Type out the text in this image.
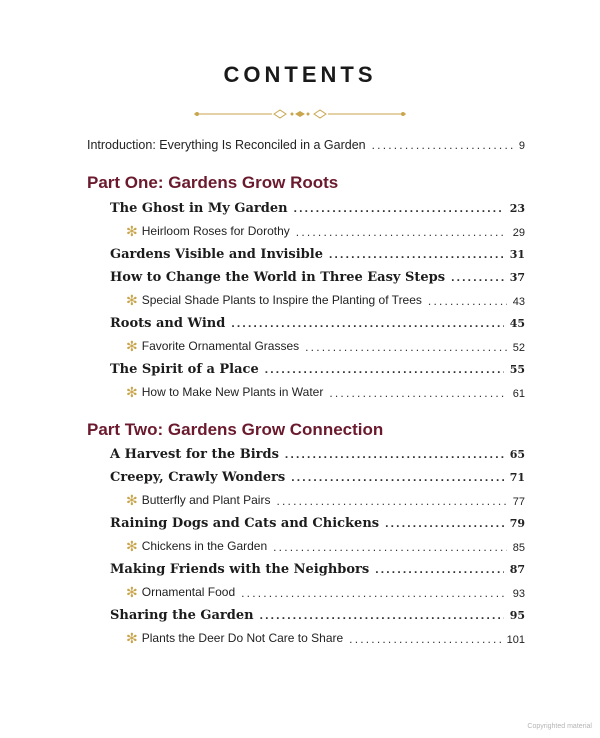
CONTENTS
Introduction: Everything Is Reconciled in a Garden .....	9
Part One: Gardens Grow Roots
The Ghost in My Garden .....	23
✻ Heirloom Roses for Dorothy .....	29
Gardens Visible and Invisible .....	31
How to Change the World in Three Easy Steps .....	37
✻ Special Shade Plants to Inspire the Planting of Trees .....	43
Roots and Wind .....	45
✻ Favorite Ornamental Grasses .....	52
The Spirit of a Place .....	55
✻ How to Make New Plants in Water .....	61
Part Two: Gardens Grow Connection
A Harvest for the Birds .....	65
Creepy, Crawly Wonders .....	71
✻ Butterfly and Plant Pairs .....	77
Raining Dogs and Cats and Chickens .....	79
✻ Chickens in the Garden .....	85
Making Friends with the Neighbors .....	87
✻ Ornamental Food .....	93
Sharing the Garden .....	95
✻ Plants the Deer Do Not Care to Share .....	101
Copyrighted material
